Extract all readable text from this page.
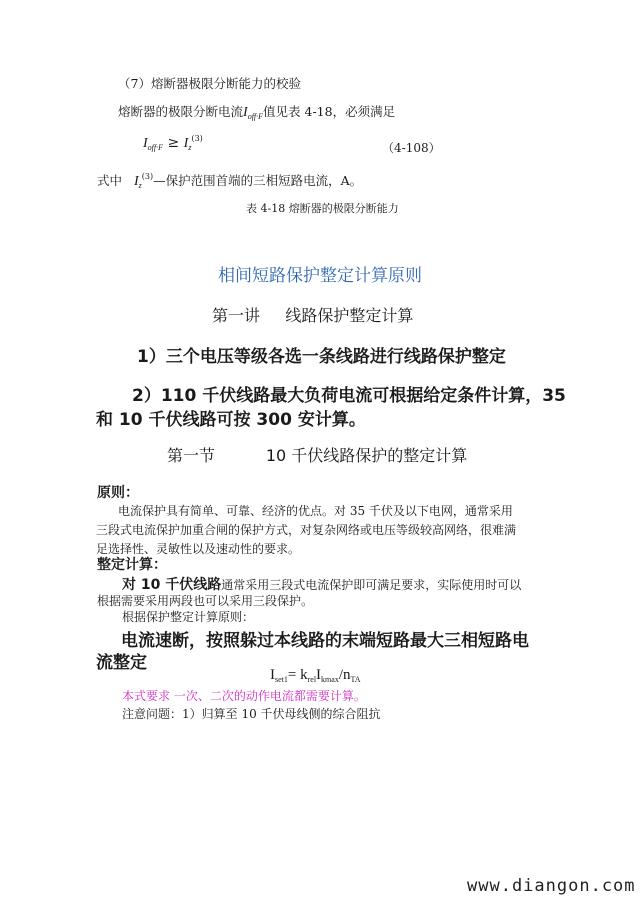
（7）熔断器极限分断能力的校验
熔断器的极限分断电流$I_{off\cdot F}$值见表 4-18，必须满足
$I_{off\cdot F} \ge I_z^{(3)}$
（4-108）
式中 $I_z^{(3)}—$保护范围首端的三相短路电流，A。
表 4-18 熔断器的极限分断能力
相间短路保护整定计算原则
第一讲     线路保护整定计算
1）三个电压等级各选一条线路进行线路保护整定
2）110 千伏线路最大负荷电流可根据给定条件计算，35
和 10 千伏线路可按 300 安计算。
第一节          10 千伏线路保护的整定计算
原则：
电流保护具有简单、可靠、经济的优点。对 35 千伏及以下电网，通常采用
三段式电流保护加重合闸的保护方式，对复杂网络或电压等级较高网络，很难满
足选择性、灵敏性以及速动性的要求。
整定计算：
对 10 千伏线路通常采用三段式电流保护即可满足要求，实际使用时可以
根据需要采用两段也可以采用三段保护。
根据保护整定计算原则：
电流速断，按照躲过本线路的末端短路最大三相短路电
流整定
$I_{set1}= k_{rel}I_{kmax}/n_{TA}$
本式要求 一次、二次的动作电流都需要计算。
注意问题：1）归算至 10 千伏母线侧的综合阻抗
www.diangon.com
